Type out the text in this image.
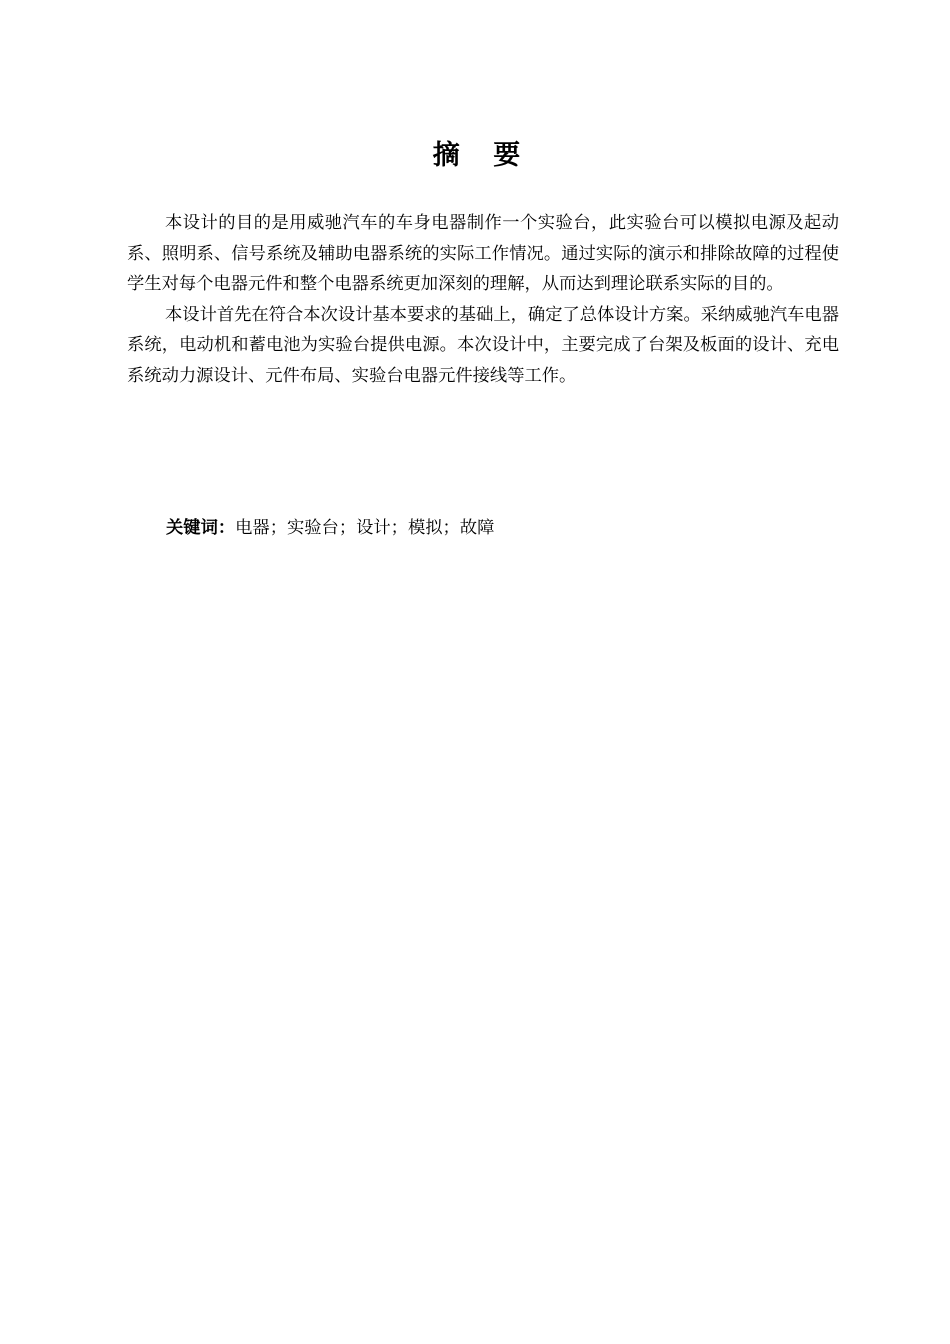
摘 要

本设计的目的是用威驰汽车的车身电器制作一个实验台，此实验台可以模拟电源及起动系、照明系、信号系统及辅助电器系统的实际工作情况。通过实际的演示和排除故障的过程使学生对每个电器元件和整个电器系统更加深刻的理解，从而达到理论联系实际的目的。

本设计首先在符合本次设计基本要求的基础上，确定了总体设计方案。采纳威驰汽车电器系统，电动机和蓄电池为实验台提供电源。本次设计中，主要完成了台架及板面的设计、充电系统动力源设计、元件布局、实验台电器元件接线等工作。

关键词：电器；实验台；设计；模拟；故障
